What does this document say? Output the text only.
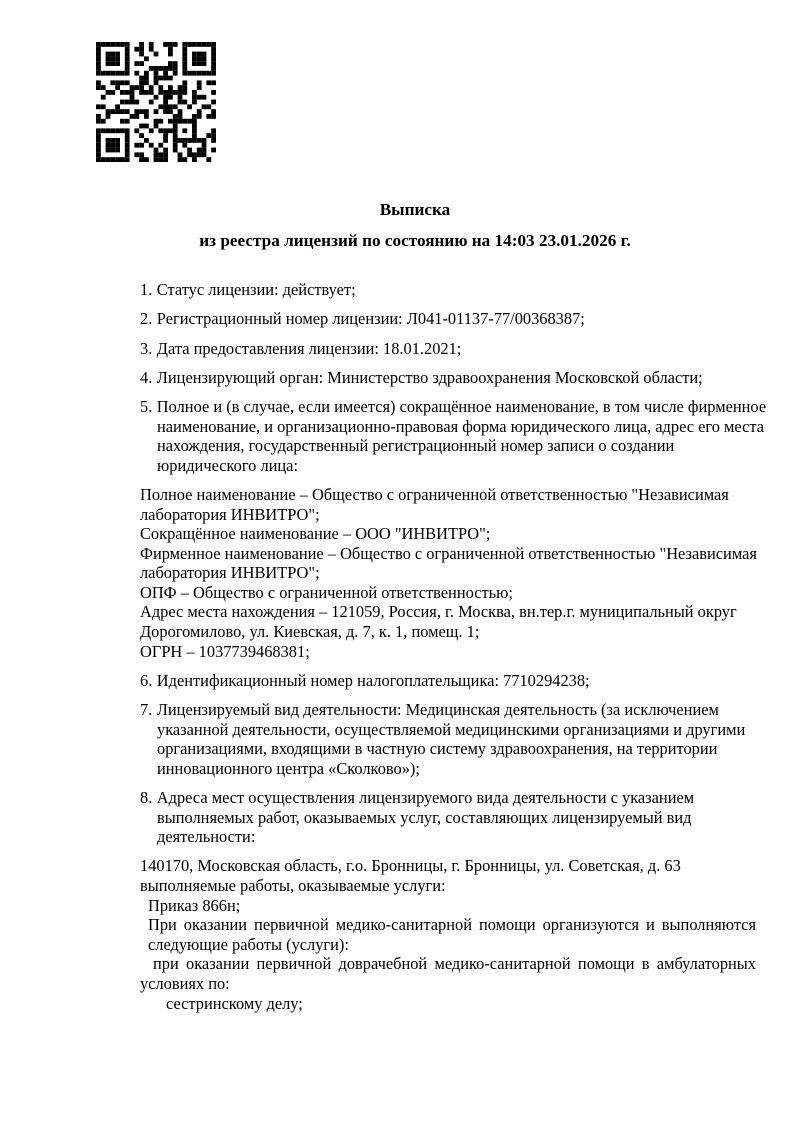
Выписка
из реестра лицензий по состоянию на 14:03 23.01.2026 г.

1. Статус лицензии: действует;

2. Регистрационный номер лицензии: Л041-01137-77/00368387;

3. Дата предоставления лицензии: 18.01.2021;

4. Лицензирующий орган: Министерство здравоохранения Московской области;

5. Полное и (в случае, если имеется) сокращённое наименование, в том числе фирменное
наименование, и организационно-правовая форма юридического лица, адрес его места
нахождения, государственный регистрационный номер записи о создании
юридического лица:

Полное наименование – Общество с ограниченной ответственностью "Независимая
лаборатория ИНВИТРО";
Сокращённое наименование – ООО "ИНВИТРО";
Фирменное наименование – Общество с ограниченной ответственностью "Независимая
лаборатория ИНВИТРО";
ОПФ – Общество с ограниченной ответственностью;
Адрес места нахождения – 121059, Россия, г. Москва, вн.тер.г. муниципальный округ
Дорогомилово, ул. Киевская, д. 7, к. 1, помещ. 1;
ОГРН – 1037739468381;

6. Идентификационный номер налогоплательщика: 7710294238;

7. Лицензируемый вид деятельности: Медицинская деятельность (за исключением
указанной деятельности, осуществляемой медицинскими организациями и другими
организациями, входящими в частную систему здравоохранения, на территории
инновационного центра «Сколково»);

8. Адреса мест осуществления лицензируемого вида деятельности с указанием
выполняемых работ, оказываемых услуг, составляющих лицензируемый вид
деятельности:

140170, Московская область, г.о. Бронницы, г. Бронницы, ул. Советская, д. 63
выполняемые работы, оказываемые услуги:
Приказ 866н;
При оказании первичной медико-санитарной помощи организуются и выполняются
следующие работы (услуги):
при оказании первичной доврачебной медико-санитарной помощи в амбулаторных
условиях по:
сестринскому делу;
